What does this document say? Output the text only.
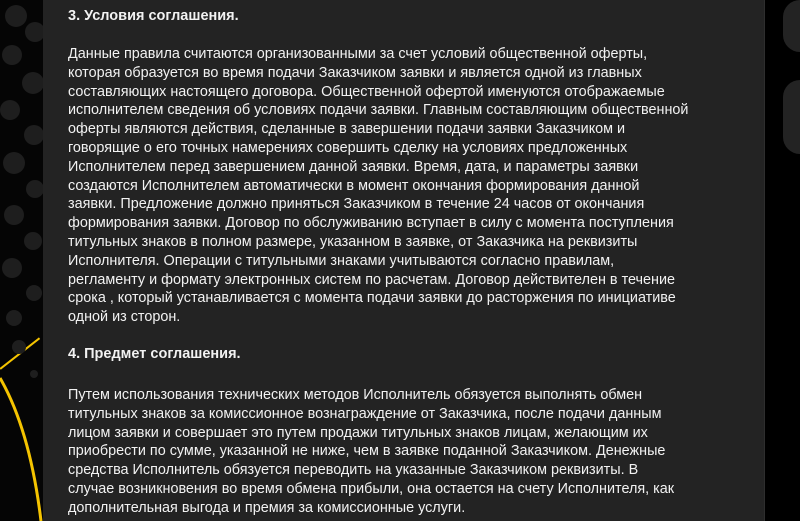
3. Условия соглашения.
Данные правила считаются организованными за счет условий общественной оферты,
которая образуется во время подачи Заказчиком заявки и является одной из главных
составляющих настоящего договора. Общественной офертой именуются отображаемые
исполнителем сведения об условиях подачи заявки. Главным составляющим общественной
оферты являются действия, сделанные в завершении подачи заявки Заказчиком и
говорящие о его точных намерениях совершить сделку на условиях предложенных
Исполнителем перед завершением данной заявки. Время, дата, и параметры заявки
создаются Исполнителем автоматически в момент окончания формирования данной
заявки. Предложение должно приняться Заказчиком в течение 24 часов от окончания
формирования заявки. Договор по обслуживанию вступает в силу с момента поступления
титульных знаков в полном размере, указанном в заявке, от Заказчика на реквизиты
Исполнителя. Операции с титульными знаками учитываются согласно правилам,
регламенту и формату электронных систем по расчетам. Договор действителен в течение
срока , который устанавливается с момента подачи заявки до расторжения по инициативе
одной из сторон.
4. Предмет соглашения.
Путем использования технических методов Исполнитель обязуется выполнять обмен
титульных знаков за комиссионное вознаграждение от Заказчика, после подачи данным
лицом заявки и совершает это путем продажи титульных знаков лицам, желающим их
приобрести по сумме, указанной не ниже, чем в заявке поданной Заказчиком. Денежные
средства Исполнитель обязуется переводить на указанные Заказчиком реквизиты. В
случае возникновения во время обмена прибыли, она остается на счету Исполнителя, как
дополнительная выгода и премия за комиссионные услуги.
